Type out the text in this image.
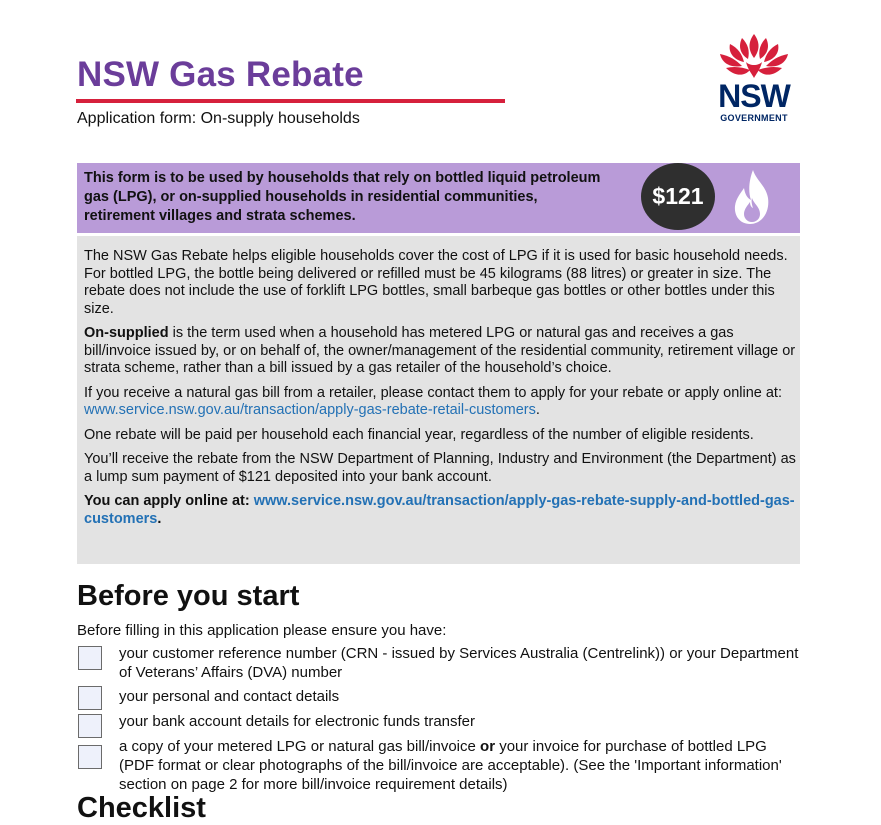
NSW Gas Rebate
Application form: On-supply households
NSW
GOVERNMENT
This form is to be used by households that rely on bottled liquid petroleum gas (LPG), or on-supplied households in residential communities, retirement villages and strata schemes.
$121

The NSW Gas Rebate helps eligible households cover the cost of LPG if it is used for basic household needs. For bottled LPG, the bottle being delivered or refilled must be 45 kilograms (88 litres) or greater in size. The rebate does not include the use of forklift LPG bottles, small barbeque gas bottles or other bottles under this size.

On-supplied is the term used when a household has metered LPG or natural gas and receives a gas bill/invoice issued by, or on behalf of, the owner/management of the residential community, retirement village or strata scheme, rather than a bill issued by a gas retailer of the household’s choice.

If you receive a natural gas bill from a retailer, please contact them to apply for your rebate or apply online at: www.service.nsw.gov.au/transaction/apply-gas-rebate-retail-customers.

One rebate will be paid per household each financial year, regardless of the number of eligible residents.

You’ll receive the rebate from the NSW Department of Planning, Industry and Environment (the Department) as a lump sum payment of $121 deposited into your bank account.

You can apply online at: www.service.nsw.gov.au/transaction/apply-gas-rebate-supply-and-bottled-gas-customers.

Before you start
Before filling in this application please ensure you have:
your customer reference number (CRN - issued by Services Australia (Centrelink)) or your Department of Veterans’ Affairs (DVA) number
your personal and contact details
your bank account details for electronic funds transfer
a copy of your metered LPG or natural gas bill/invoice or your invoice for purchase of bottled LPG (PDF format or clear photographs of the bill/invoice are acceptable). (See the 'Important information' section on page 2 for more bill/invoice requirement details)
Checklist
